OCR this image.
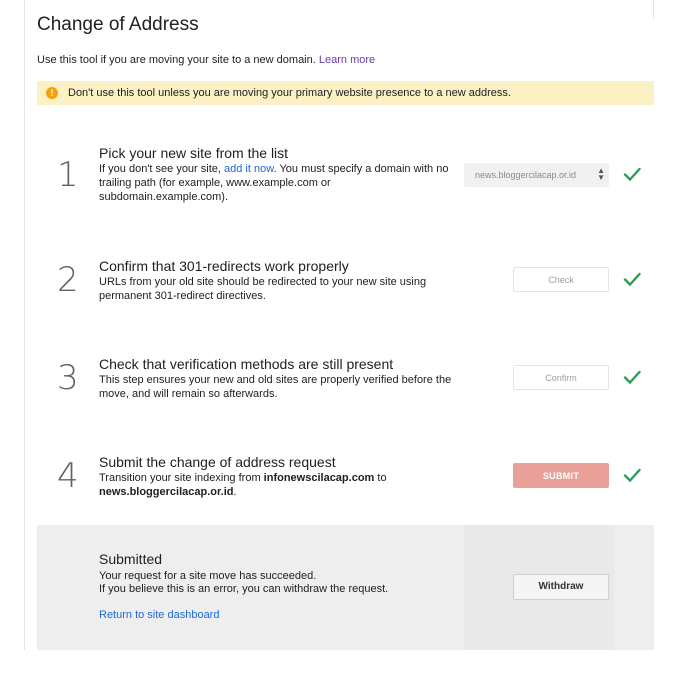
Change of Address
Use this tool if you are moving your site to a new domain. Learn more
!	Don't use this tool unless you are moving your primary website presence to a new address.
1
Pick your new site from the list
If you don't see your site, add it now. You must specify a domain with no trailing path (for example, www.example.com or subdomain.example.com).
news.bloggercilacap.or.id	▲
▼
2 Confirm that 301-redirects work properly
URLs from your old site should be redirected to your new site using permanent 301-redirect directives.
Check
3 Check that verification methods are still present
This step ensures your new and old sites are properly verified before the move, and will remain so afterwards.
Confirm
4 Submit the change of address request
Transition your site indexing from infonewscilacap.com to news.bloggercilacap.or.id.
SUBMIT
Submitted
Your request for a site move has succeeded.
If you believe this is an error, you can withdraw the request.
Return to site dashboard
Withdraw
